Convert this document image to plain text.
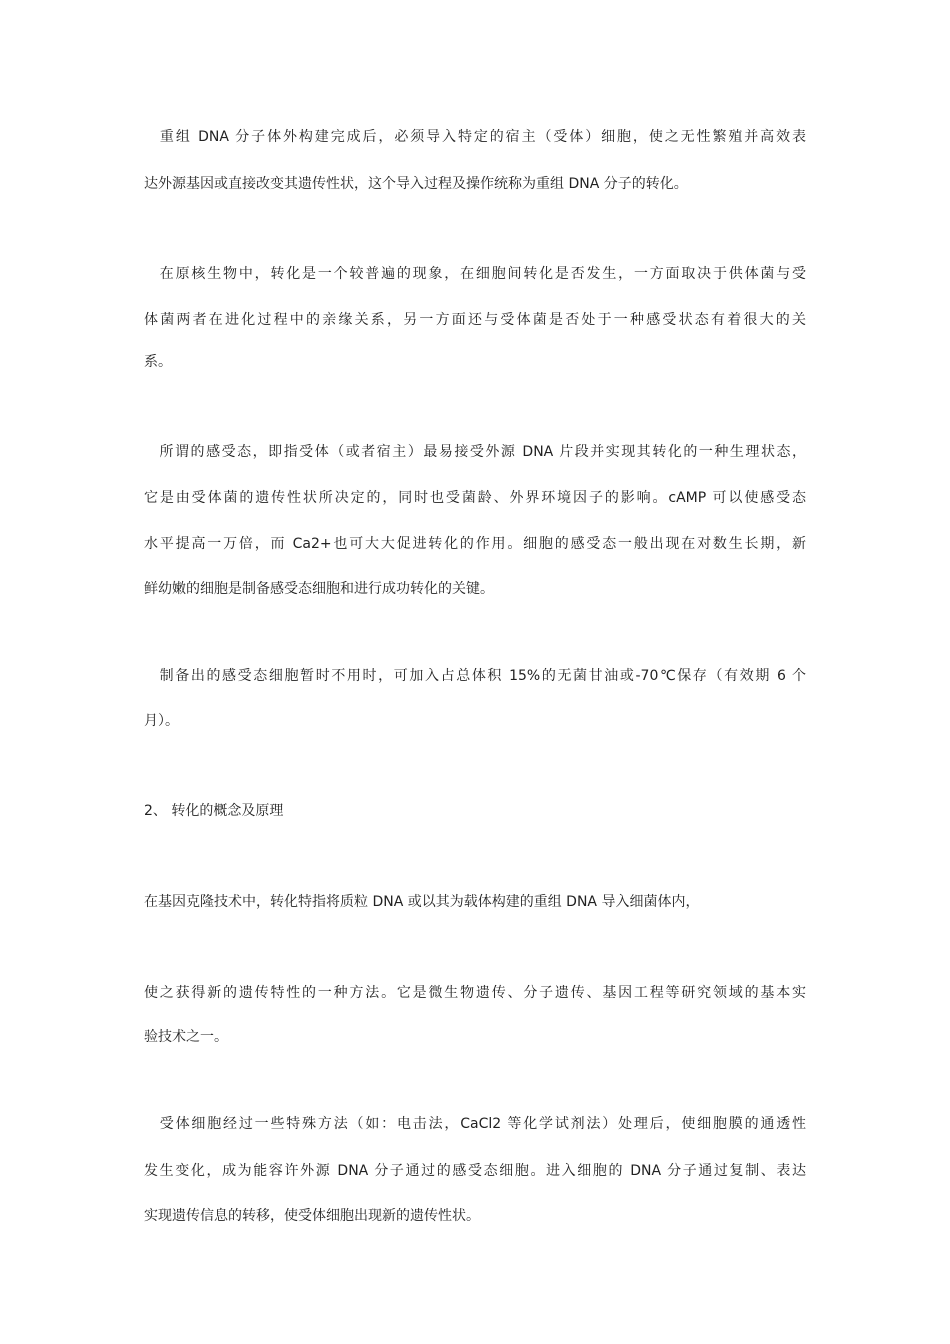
　重组 DNA 分子体外构建完成后，必须导入特定的宿主（受体）细胞，使之无性繁殖并高效表

达外源基因或直接改变其遗传性状，这个导入过程及操作统称为重组 DNA 分子的转化。

　在原核生物中，转化是一个较普遍的现象，在细胞间转化是否发生，一方面取决于供体菌与受

体菌两者在进化过程中的亲缘关系，另一方面还与受体菌是否处于一种感受状态有着很大的关

系。

　所谓的感受态，即指受体（或者宿主）最易接受外源 DNA 片段并实现其转化的一种生理状态，

它是由受体菌的遗传性状所决定的，同时也受菌龄、外界环境因子的影响。cAMP 可以使感受态

水平提高一万倍，而 Ca2+也可大大促进转化的作用。细胞的感受态一般出现在对数生长期，新

鲜幼嫩的细胞是制备感受态细胞和进行成功转化的关键。

　制备出的感受态细胞暂时不用时，可加入占总体积 15%的无菌甘油或-70℃保存（有效期 6 个

月）。

2、 转化的概念及原理

在基因克隆技术中，转化特指将质粒 DNA 或以其为载体构建的重组 DNA 导入细菌体内，

使之获得新的遗传特性的一种方法。它是微生物遗传、分子遗传、基因工程等研究领域的基本实

验技术之一。

　受体细胞经过一些特殊方法（如：电击法，CaCl2 等化学试剂法）处理后，使细胞膜的通透性

发生变化，成为能容许外源 DNA 分子通过的感受态细胞。进入细胞的 DNA 分子通过复制、表达

实现遗传信息的转移，使受体细胞出现新的遗传性状。
